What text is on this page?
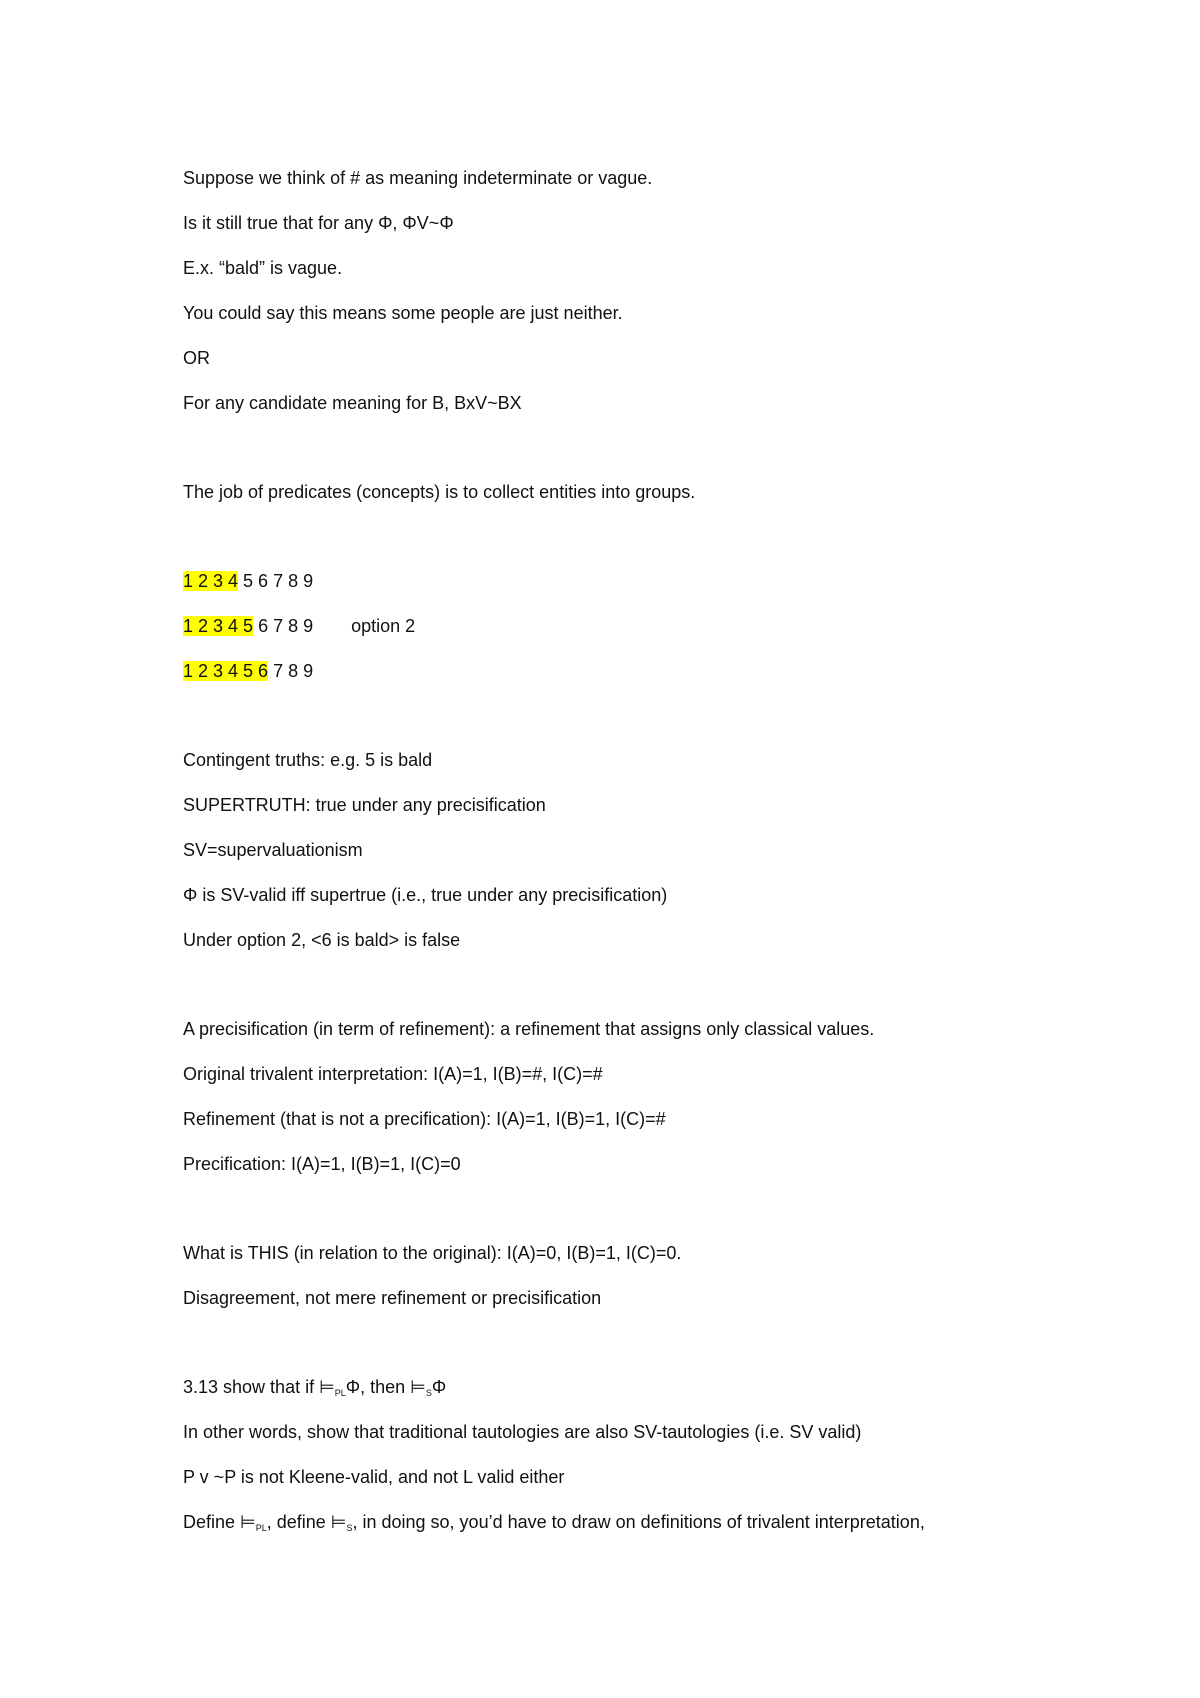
Suppose we think of # as meaning indeterminate or vague.
Is it still true that for any Φ, ΦV~Φ
E.x. “bald” is vague.
You could say this means some people are just neither.
OR
For any candidate meaning for B, BxV~BX
The job of predicates (concepts) is to collect entities into groups.
1 2 3 4 5 6 7 8 9
1 2 3 4 5 6 7 8 9 option 2
1 2 3 4 5 6 7 8 9
Contingent truths: e.g. 5 is bald
SUPERTRUTH: true under any precisification
SV=supervaluationism
Φ is SV-valid iff supertrue (i.e., true under any precisification)
Under option 2, <6 is bald> is false
A precisification (in term of refinement): a refinement that assigns only classical values.
Original trivalent interpretation: I(A)=1, I(B)=#, I(C)=#
Refinement (that is not a precification): I(A)=1, I(B)=1, I(C)=#
Precification: I(A)=1, I(B)=1, I(C)=0
What is THIS (in relation to the original): I(A)=0, I(B)=1, I(C)=0.
Disagreement, not mere refinement or precisification
3.13 show that if $⊨_{PL}\Phi$, then $⊨_S\Phi$
In other words, show that traditional tautologies are also SV-tautologies (i.e. SV valid)
P v ~P is not Kleene-valid, and not L valid either
Define $⊨_{PL}$, define $⊨_S$, in doing so, you’d have to draw on definitions of trivalent interpretation,
